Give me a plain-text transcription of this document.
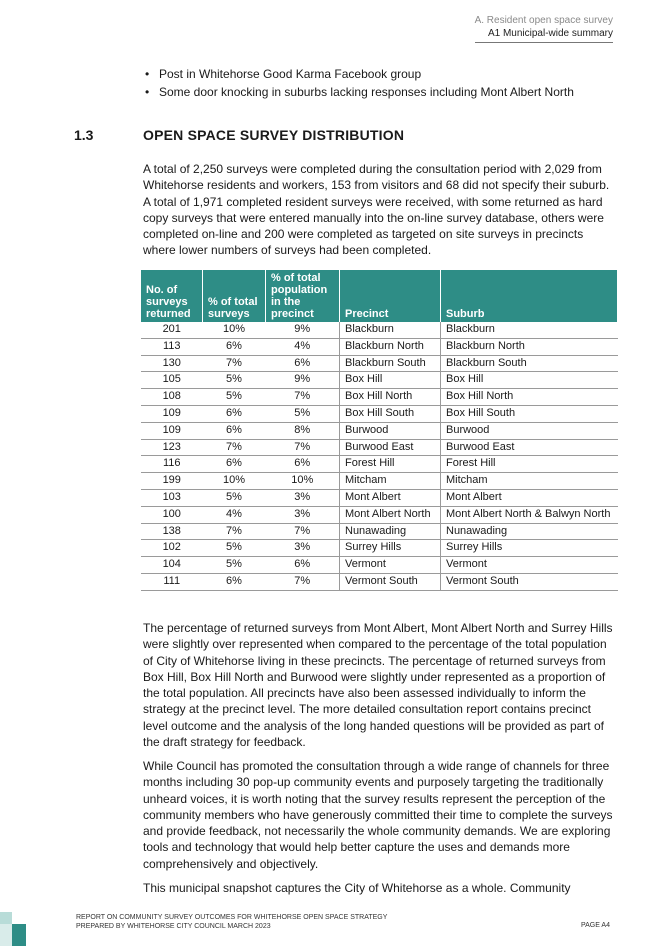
A. Resident open space survey
A1 Municipal-wide summary
• Post in Whitehorse Good Karma Facebook group
• Some door knocking in suburbs lacking responses including Mont Albert North
1.3	OPEN SPACE SURVEY DISTRIBUTION

A total of 2,250 surveys were completed during the consultation period with 2,029 from Whitehorse residents and workers, 153 from visitors and 68 did not specify their suburb. A total of 1,971 completed resident surveys were received, with some returned as hard copy surveys that were entered manually into the on-line survey database, others were completed on-line and 200 were completed as targeted on site surveys in precincts where lower numbers of surveys had been completed.

No. of surveys returned	% of total surveys	% of total population in the precinct	Precinct	Suburb
201	10%	9%	Blackburn	Blackburn
113	6%	4%	Blackburn North	Blackburn North
130	7%	6%	Blackburn South	Blackburn South
105	5%	9%	Box Hill	Box Hill
108	5%	7%	Box Hill North	Box Hill North
109	6%	5%	Box Hill South	Box Hill South
109	6%	8%	Burwood	Burwood
123	7%	7%	Burwood East	Burwood East
116	6%	6%	Forest Hill	Forest Hill
199	10%	10%	Mitcham	Mitcham
103	5%	3%	Mont Albert	Mont Albert
100	4%	3%	Mont Albert North	Mont Albert North & Balwyn North
138	7%	7%	Nunawading	Nunawading
102	5%	3%	Surrey Hills	Surrey Hills
104	5%	6%	Vermont	Vermont
111	6%	7%	Vermont South	Vermont South

The percentage of returned surveys from Mont Albert, Mont Albert North and Surrey Hills were slightly over represented when compared to the percentage of the total population of City of Whitehorse living in these precincts. The percentage of returned surveys from Box Hill, Box Hill North and Burwood were slightly under represented as a proportion of the total population. All precincts have also been assessed individually to inform the strategy at the precinct level. The more detailed consultation report contains precinct level outcome and the analysis of the long handed questions will be provided as part of the draft strategy for feedback.

While Council has promoted the consultation through a wide range of channels for three months including 30 pop-up community events and purposely targeting the traditionally unheard voices, it is worth noting that the survey results represent the perception of the community members who have generously committed their time to complete the surveys and provide feedback, not necessarily the whole community demands. We are exploring tools and technology that would help better capture the uses and demands more comprehensively and objectively.

This municipal snapshot captures the City of Whitehorse as a whole. Community

REPORT ON COMMUNITY SURVEY OUTCOMES FOR WHITEHORSE OPEN SPACE STRATEGY
PREPARED BY WHITEHORSE CITY COUNCIL MARCH 2023	PAGE A4
